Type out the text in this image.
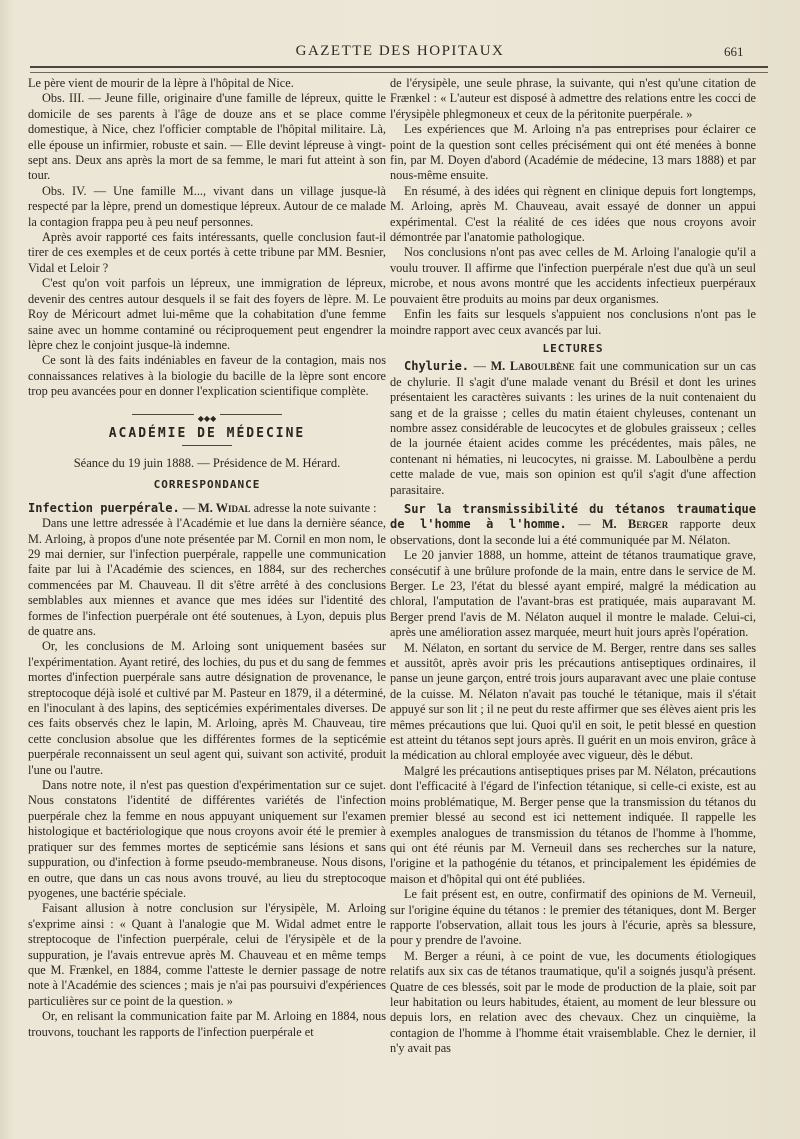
GAZETTE DES HOPITAUX	661

Le père vient de mourir de la lèpre à l'hôpital de Nice.

Obs. III. — Jeune fille, originaire d'une famille de lépreux, quitte le domicile de ses parents à l'âge de douze ans et se place comme domestique, à Nice, chez l'officier comptable de l'hôpital militaire. Là, elle épouse un infirmier, robuste et sain. — Elle devint lépreuse à vingt-sept ans. Deux ans après la mort de sa femme, le mari fut atteint à son tour.

Obs. IV. — Une famille M..., vivant dans un village jusque-là respecté par la lèpre, prend un domestique lépreux. Autour de ce malade la contagion frappa peu à peu neuf personnes.

Après avoir rapporté ces faits intéressants, quelle conclusion faut-il tirer de ces exemples et de ceux portés à cette tribune par MM. Besnier, Vidal et Leloir ?

C'est qu'on voit parfois un lépreux, une immigration de lépreux, devenir des centres autour desquels il se fait des foyers de lèpre. M. Le Roy de Méricourt admet lui-même que la cohabitation d'une femme saine avec un homme contaminé ou réciproquement peut engendrer la lèpre chez le conjoint jusque-là indemne.

Ce sont là des faits indéniables en faveur de la contagion, mais nos connaissances relatives à la biologie du bacille de la lèpre sont encore trop peu avancées pour en donner l'explication scientifique complète.

◆◆◆
ACADÉMIE DE MÉDECINE
Séance du 19 juin 1888. — Présidence de M. Hérard.
CORRESPONDANCE

Infection puerpérale. — M. Widal adresse la note suivante :

Dans une lettre adressée à l'Académie et lue dans la dernière séance, M. Arloing, à propos d'une note présentée par M. Cornil en mon nom, le 29 mai dernier, sur l'infection puerpérale, rappelle une communication faite par lui à l'Académie des sciences, en 1884, sur des recherches commencées par M. Chauveau. Il dit s'être arrêté à des conclusions semblables aux miennes et avance que mes idées sur l'identité des formes de l'infection puerpérale ont été soutenues, à Lyon, depuis plus de quatre ans.

Or, les conclusions de M. Arloing sont uniquement basées sur l'expérimentation. Ayant retiré, des lochies, du pus et du sang de femmes mortes d'infection puerpérale sans autre désignation de provenance, le streptocoque déjà isolé et cultivé par M. Pasteur en 1879, il a déterminé, en l'inoculant à des lapins, des septicémies expérimentales diverses. De ces faits observés chez le lapin, M. Arloing, après M. Chauveau, tire cette conclusion absolue que les différentes formes de la septicémie puerpérale reconnaissent un seul agent qui, suivant son activité, produit l'une ou l'autre.

Dans notre note, il n'est pas question d'expérimentation sur ce sujet. Nous constatons l'identité de différentes variétés de l'infection puerpérale chez la femme en nous appuyant uniquement sur l'examen histologique et bactériologique que nous croyons avoir été le premier à pratiquer sur des femmes mortes de septicémie sans lésions et sans suppuration, ou d'infection à forme pseudo-membraneuse. Nous disons, en outre, que dans un cas nous avons trouvé, au lieu du streptocoque pyogenes, une bactérie spéciale.

Faisant allusion à notre conclusion sur l'érysipèle, M. Arloing s'exprime ainsi : « Quant à l'analogie que M. Widal admet entre le streptocoque de l'infection puerpérale, celui de l'érysipèle et de la suppuration, je l'avais entrevue après M. Chauveau et en même temps que M. Frænkel, en 1884, comme l'atteste le dernier passage de notre note à l'Académie des sciences ; mais je n'ai pas poursuivi d'expériences particulières sur ce point de la question. »

Or, en relisant la communication faite par M. Arloing en 1884, nous trouvons, touchant les rapports de l'infection puerpérale et

de l'érysipèle, une seule phrase, la suivante, qui n'est qu'une citation de Frænkel : « L'auteur est disposé à admettre des relations entre les cocci de l'érysipèle phlegmoneux et ceux de la péritonite puerpérale. »

Les expériences que M. Arloing n'a pas entreprises pour éclairer ce point de la question sont celles précisément qui ont été menées à bonne fin, par M. Doyen d'abord (Académie de médecine, 13 mars 1888) et par nous-même ensuite.

En résumé, à des idées qui règnent en clinique depuis fort longtemps, M. Arloing, après M. Chauveau, avait essayé de donner un appui expérimental. C'est la réalité de ces idées que nous croyons avoir démontrée par l'anatomie pathologique.

Nos conclusions n'ont pas avec celles de M. Arloing l'analogie qu'il a voulu trouver. Il affirme que l'infection puerpérale n'est due qu'à un seul microbe, et nous avons montré que les accidents infectieux puerpéraux pouvaient être produits au moins par deux organismes.

Enfin les faits sur lesquels s'appuient nos conclusions n'ont pas le moindre rapport avec ceux avancés par lui.

LECTURES

Chylurie. — M. Laboulbène fait une communication sur un cas de chylurie. Il s'agit d'une malade venant du Brésil et dont les urines présentaient les caractères suivants : les urines de la nuit contenaient du sang et de la graisse ; celles du matin étaient chyleuses, contenant un nombre assez considérable de leucocytes et de globules graisseux ; celles de la journée étaient acides comme les précédentes, mais pâles, ne contenant ni hématies, ni leucocytes, ni graisse. M. Laboulbène a perdu cette malade de vue, mais son opinion est qu'il s'agit d'une affection parasitaire.

Sur la transmissibilité du tétanos traumatique de l'homme à l'homme. — M. Berger rapporte deux observations, dont la seconde lui a été communiquée par M. Nélaton.

Le 20 janvier 1888, un homme, atteint de tétanos traumatique grave, consécutif à une brûlure profonde de la main, entre dans le service de M. Berger. Le 23, l'état du blessé ayant empiré, malgré la médication au chloral, l'amputation de l'avant-bras est pratiquée, mais auparavant M. Berger prend l'avis de M. Nélaton auquel il montre le malade. Celui-ci, après une amélioration assez marquée, meurt huit jours après l'opération.

M. Nélaton, en sortant du service de M. Berger, rentre dans ses salles et aussitôt, après avoir pris les précautions antiseptiques ordinaires, il panse un jeune garçon, entré trois jours auparavant avec une plaie contuse de la cuisse. M. Nélaton n'avait pas touché le tétanique, mais il s'était appuyé sur son lit ; il ne peut du reste affirmer que ses élèves aient pris les mêmes précautions que lui. Quoi qu'il en soit, le petit blessé en question est atteint du tétanos sept jours après. Il guérit en un mois environ, grâce à la médication au chloral employée avec vigueur, dès le début.

Malgré les précautions antiseptiques prises par M. Nélaton, précautions dont l'efficacité à l'égard de l'infection tétanique, si celle-ci existe, est au moins problématique, M. Berger pense que la transmission du tétanos du premier blessé au second est ici nettement indiquée. Il rappelle les exemples analogues de transmission du tétanos de l'homme à l'homme, qui ont été réunis par M. Verneuil dans ses recherches sur la nature, l'origine et la pathogénie du tétanos, et principalement les épidémies de maison et d'hôpital qui ont été publiées.

Le fait présent est, en outre, confirmatif des opinions de M. Verneuil, sur l'origine équine du tétanos : le premier des tétaniques, dont M. Berger rapporte l'observation, allait tous les jours à l'écurie, après sa blessure, pour y prendre de l'avoine.

M. Berger a réuni, à ce point de vue, les documents étiologiques relatifs aux six cas de tétanos traumatique, qu'il a soignés jusqu'à présent. Quatre de ces blessés, soit par le mode de production de la plaie, soit par leur habitation ou leurs habitudes, étaient, au moment de leur blessure ou depuis lors, en relation avec des chevaux. Chez un cinquième, la contagion de l'homme à l'homme était vraisemblable. Chez le dernier, il n'y avait pas
